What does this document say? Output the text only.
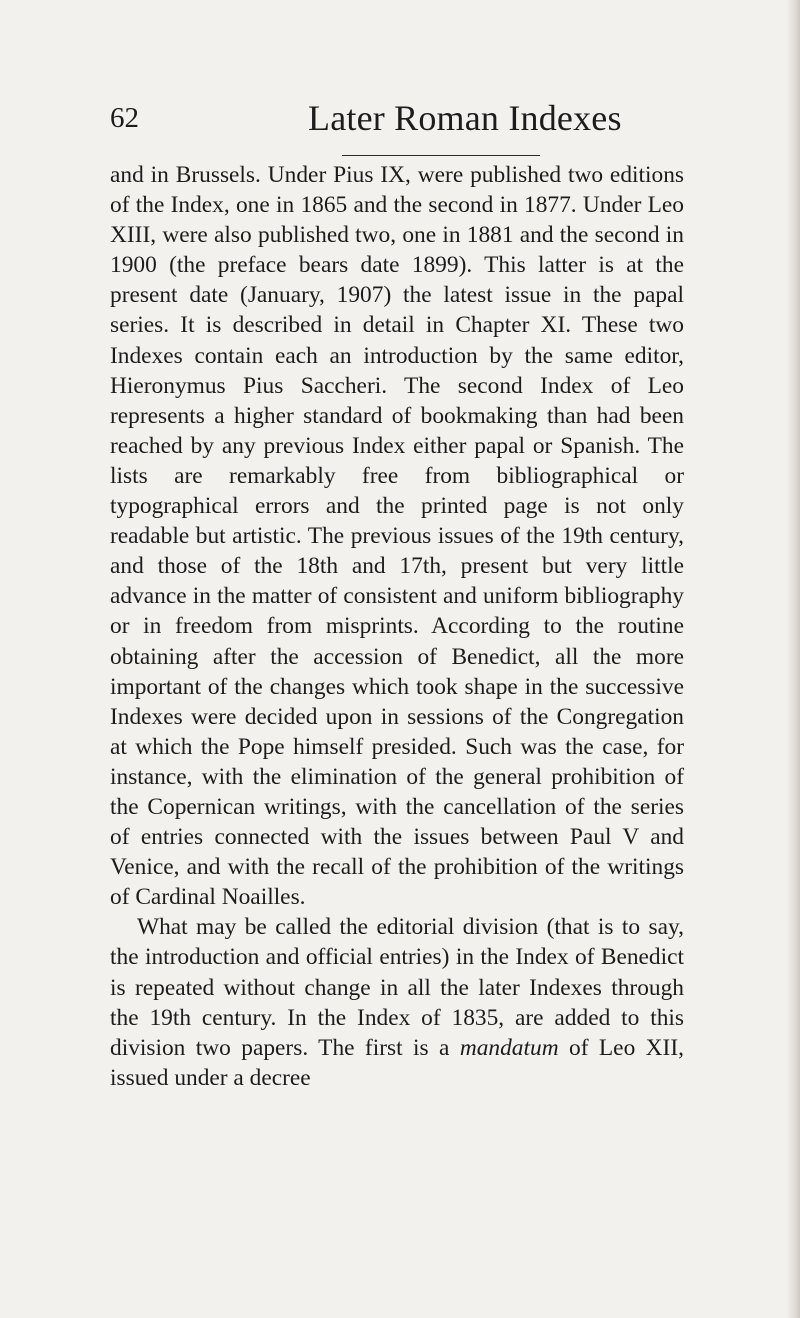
62	Later Roman Indexes

and in Brussels. Under Pius IX, were published two editions of the Index, one in 1865 and the second in 1877. Under Leo XIII, were also published two, one in 1881 and the second in 1900 (the preface bears date 1899). This latter is at the present date (January, 1907) the latest issue in the papal series. It is described in detail in Chapter XI. These two Indexes contain each an introduction by the same editor, Hieronymus Pius Saccheri. The second Index of Leo represents a higher standard of bookmaking than had been reached by any previous Index either papal or Spanish. The lists are remarkably free from bibliographical or typographical errors and the printed page is not only readable but artistic. The previous issues of the 19th century, and those of the 18th and 17th, present but very little advance in the matter of consistent and uniform bibliography or in freedom from misprints. According to the routine obtaining after the accession of Benedict, all the more important of the changes which took shape in the successive Indexes were decided upon in sessions of the Congregation at which the Pope himself presided. Such was the case, for instance, with the elimination of the general prohibition of the Copernican writings, with the cancellation of the series of entries connected with the issues between Paul V and Venice, and with the recall of the prohibition of the writings of Cardinal Noailles.

What may be called the editorial division (that is to say, the introduction and official entries) in the Index of Benedict is repeated without change in all the later Indexes through the 19th century. In the Index of 1835, are added to this division two papers. The first is a mandatum of Leo XII, issued under a decree
